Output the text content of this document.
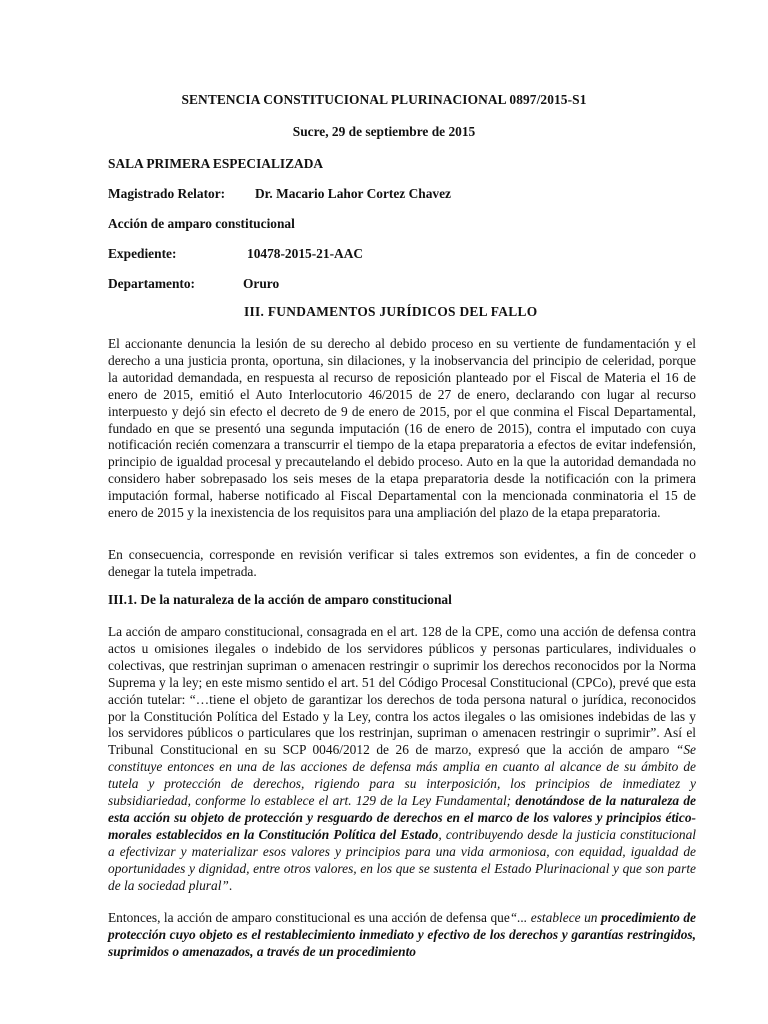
SENTENCIA CONSTITUCIONAL PLURINACIONAL 0897/2015-S1
Sucre, 29 de septiembre de 2015
SALA PRIMERA ESPECIALIZADA
Magistrado Relator: Dr. Macario Lahor Cortez Chavez
Acción de amparo constitucional
Expediente:	10478-2015-21-AAC
Departamento:	Oruro
III. FUNDAMENTOS JURÍDICOS DEL FALLO

El accionante denuncia la lesión de su derecho al debido proceso en su vertiente de fundamentación y el derecho a una justicia pronta, oportuna, sin dilaciones, y la inobservancia del principio de celeridad, porque la autoridad demandada, en respuesta al recurso de reposición planteado por el Fiscal de Materia el 16 de enero de 2015, emitió el Auto Interlocutorio 46/2015 de 27 de enero, declarando con lugar al recurso interpuesto y dejó sin efecto el decreto de 9 de enero de 2015, por el que conmina el Fiscal Departamental, fundado en que se presentó una segunda imputación (16 de enero de 2015), contra el imputado con cuya notificación recién comenzara a transcurrir el tiempo de la etapa preparatoria a efectos de evitar indefensión, principio de igualdad procesal y precautelando el debido proceso. Auto en la que la autoridad demandada no considero haber sobrepasado los seis meses de la etapa preparatoria desde la notificación con la primera imputación formal, haberse notificado al Fiscal Departamental con la mencionada conminatoria el 15 de enero de 2015 y la inexistencia de los requisitos para una ampliación del plazo de la etapa preparatoria.

En consecuencia, corresponde en revisión verificar si tales extremos son evidentes, a fin de conceder o denegar la tutela impetrada.

III.1. De la naturaleza de la acción de amparo constitucional

La acción de amparo constitucional, consagrada en el art. 128 de la CPE, como una acción de defensa contra actos u omisiones ilegales o indebido de los servidores públicos y personas particulares, individuales o colectivas, que restrinjan supriman o amenacen restringir o suprimir los derechos reconocidos por la Norma Suprema y la ley; en este mismo sentido el art. 51 del Código Procesal Constitucional (CPCo), prevé que esta acción tutelar: “…tiene el objeto de garantizar los derechos de toda persona natural o jurídica, reconocidos por la Constitución Política del Estado y la Ley, contra los actos ilegales o las omisiones indebidas de las y los servidores públicos o particulares que los restrinjan, supriman o amenacen restringir o suprimir”. Así el Tribunal Constitucional en su SCP 0046/2012 de 26 de marzo, expresó que la acción de amparo “Se constituye entonces en una de las acciones de defensa más amplia en cuanto al alcance de su ámbito de tutela y protección de derechos, rigiendo para su interposición, los principios de inmediatez y subsidiariedad, conforme lo establece el art. 129 de la Ley Fundamental; denotándose de la naturaleza de esta acción su objeto de protección y resguardo de derechos en el marco de los valores y principios ético-morales establecidos en la Constitución Política del Estado, contribuyendo desde la justicia constitucional a efectivizar y materializar esos valores y principios para una vida armoniosa, con equidad, igualdad de oportunidades y dignidad, entre otros valores, en los que se sustenta el Estado Plurinacional y que son parte de la sociedad plural”.

Entonces, la acción de amparo constitucional es una acción de defensa que“... establece un procedimiento de protección cuyo objeto es el restablecimiento inmediato y efectivo de los derechos y garantías restringidos, suprimidos o amenazados, a través de un procedimiento
